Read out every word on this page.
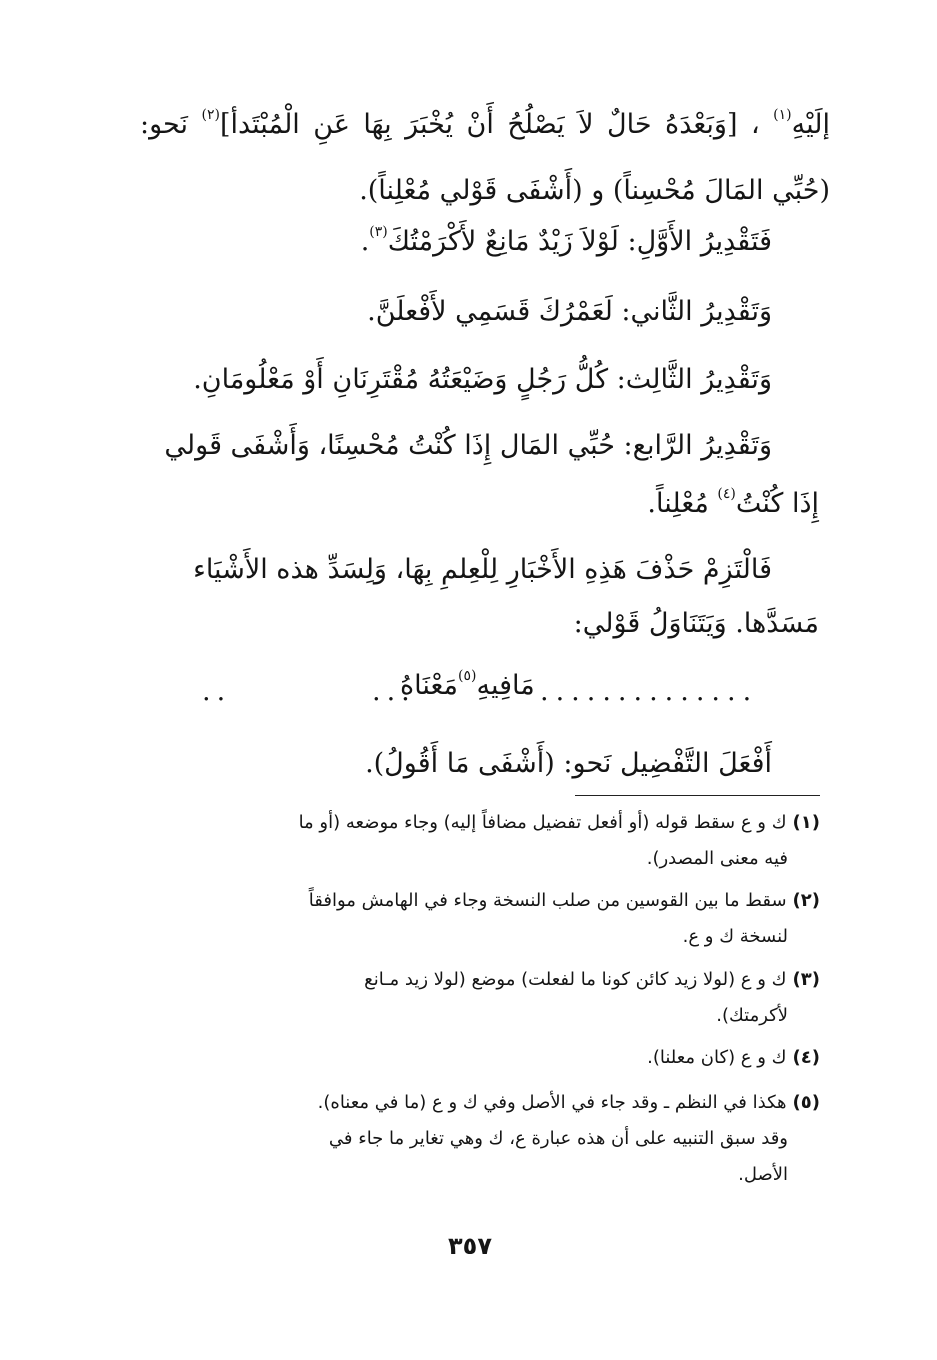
إلَيْهِ$^{(١)}$ ، [وَبَعْدَهُ حَالٌ لاَ يَصْلُحُ أَنْ يُخْبَرَ بِهَا عَنِ الْمُبْتَدأ]$^{(٢)}$ نَحو: (حُبِّي المَالَ مُحْسِناً) و (أَشْفَى قَوْلي مُعْلِناً).

فَتَقْدِيرُ الأَوَّلِ: لَوْلاَ زَيْدٌ مَانِعٌ لأَكْرَمْتُكَ$^{(٣)}$.

وَتَقْدِيرُ الثَّاني: لَعَمْرُكَ قَسَمِي لأَفْعلَنَّ.

وَتَقْدِيرُ الثَّالِث: كُلُّ رَجُلٍ وَضَيْعَتُهُ مُقْتَرِنَانِ أَوْ مَعْلُومَانِ.

وَتَقْدِيرُ الرَّابع: حُبِّي المَال إِذَا كُنْتُ مُحْسِنًا، وَأَشْفَى قَولي

إِذَا كُنْتُ$^{(٤)}$ مُعْلِناً.

فَالْتَزِمْ حَذْفَ هَذِهِ الأَخْبَارِ لِلْعِلمِ بِهَا، وَلِسَدِّ هذه الأَشْيَاء

مَسَدَّها. وَيَتَنَاوَلُ قَوْلي:

..	مَافِيهِ$^{(٥)}$مَعْنَاهُ
...	..............

أَفْعَلَ التَّفْضِيل نَحو: (أَشْفَى مَا أَقُولُ).

(١)ك و ع سقط قوله (أو أفعل تفضيل مضافاً إليه) وجاء موضعه (أو ما
فيه معنى المصدر).
(٢)سقط ما بين القوسين من صلب النسخة وجاء في الهامش موافقاً
لنسخة ك و ع.
(٣)ك و ع (لولا زيد كائن كونا ما لفعلت) موضع (لولا زيد مـانع
لأكرمتك).
(٤)ك و ع (كان معلنا).
(٥)هكذا في النظم ـ وقد جاء في الأصل وفي ك و ع (ما في معناه).
وقد سبق التنبيه على أن هذه عبارة ع، ك وهي تغاير ما جاء في
الأصل.
٣٥٧
